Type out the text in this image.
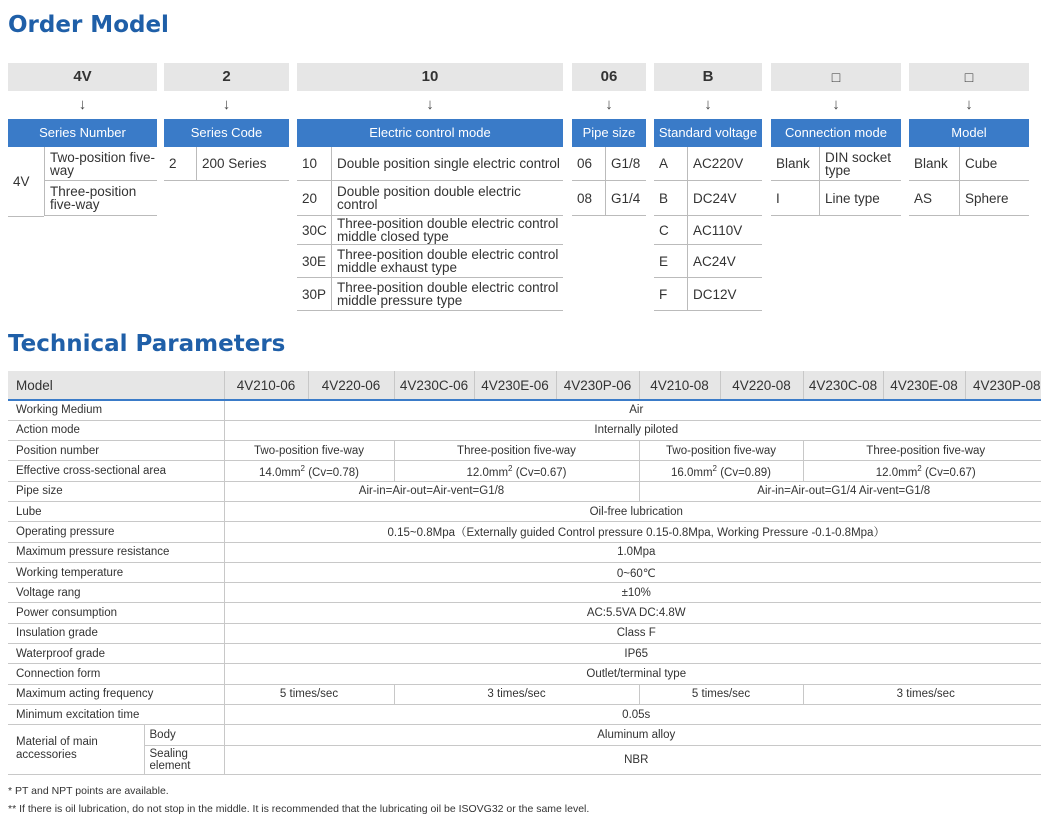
Order Model
4V
↓
Series Number
4V
Two-position five-way
Three-position five-way
2
↓
Series Code
2	200 Series
10
↓
Electric control mode
10	Double position single electric control
20	Double position double electric control
30C Three-position double electric control middle closed type
30E Three-position double electric control middle exhaust type
30P Three-position double electric control middle pressure type
06
↓
Pipe size
06	G1/8
08	G1/4
B
↓
Standard voltage
A	AC220V
B	DC24V
C	AC110V
E	AC24V
F	DC12V
□
↓
Connection mode
Blank	DIN socket type
I	Line type
□
↓
Model
Blank	Cube
AS	Sphere
Technical Parameters
Model		4V210-06	4V220-06	4V230C-06	4V230E-06	4V230P-06	4V210-08	4V220-08	4V230C-08	4V230E-08	4V230P-08
Working Medium		Air									
Action mode		Internally piloted									
Position number		Two-position five-way		Three-position five-way			Two-position five-way		Three-position five-way		
Effective cross-sectional area		$14.0mm^2$ (Cv=0.78)		$12.0mm^2$ (Cv=0.67)			$16.0mm^2$ (Cv=0.89)		$12.0mm^2$ (Cv=0.67)		
Pipe size		Air-in=Air-out=Air-vent=G1/8					Air-in=Air-out=G1/4 Air-vent=G1/8				
Lube		Oil-free lubrication									
Operating pressure		0.15~0.8Mpa（Externally guided Control pressure 0.15-0.8Mpa, Working Pressure -0.1-0.8Mpa）									
Maximum pressure resistance		1.0Mpa									
Working temperature		0~60℃									
Voltage rang		±10%									
Power consumption		AC:5.5VA DC:4.8W									
Insulation grade		Class F									
Waterproof grade		IP65									
Connection form		Outlet/terminal type									
Maximum acting frequency		5 times/sec		3 times/sec			5 times/sec		3 times/sec		
Minimum excitation time		0.05s									
Material of main accessories	Body	Aluminum alloy									
	Sealing element	NBR									
* PT and NPT points are available.
** If there is oil lubrication, do not stop in the middle. It is recommended that the lubricating oil be ISOVG32 or the same level.
